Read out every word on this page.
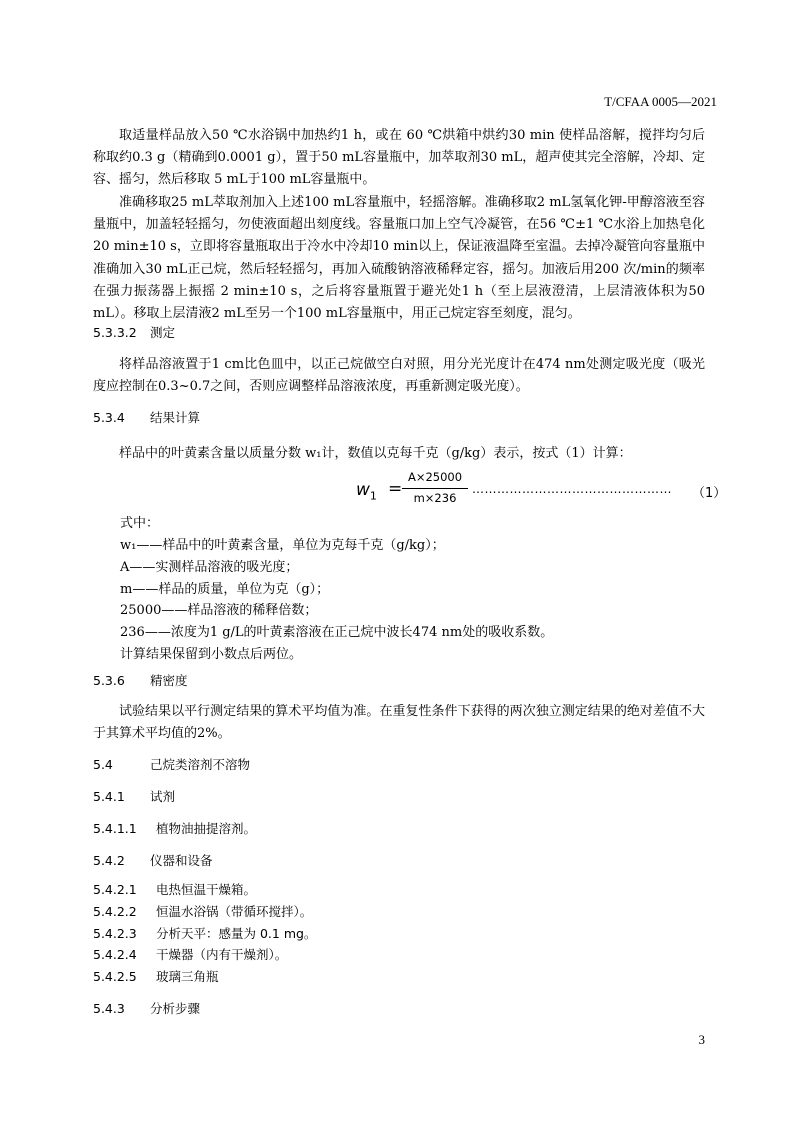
T/CFAA 0005—2021
取适量样品放入50 ℃水浴锅中加热约1 h，或在 60 ℃烘箱中烘约30 min 使样品溶解，搅拌均匀后称取约0.3 g（精确到0.0001 g），置于50 mL容量瓶中，加萃取剂30 mL，超声使其完全溶解，冷却、定容、摇匀，然后移取 5 mL于100 mL容量瓶中。
准确移取25 mL萃取剂加入上述100 mL容量瓶中，轻摇溶解。准确移取2 mL氢氧化钾-甲醇溶液至容量瓶中，加盖轻轻摇匀，勿使液面超出刻度线。容量瓶口加上空气冷凝管，在56 ℃±1 ℃水浴上加热皂化20 min±10 s，立即将容量瓶取出于冷水中冷却10 min以上，保证液温降至室温。去掉冷凝管向容量瓶中准确加入30 mL正己烷，然后轻轻摇匀，再加入硫酸钠溶液稀释定容，摇匀。加液后用200 次/min的频率在强力振荡器上振摇 2 min±10 s，之后将容量瓶置于避光处1 h（至上层液澄清，上层清液体积为50 mL）。移取上层清液2 mL至另一个100 mL容量瓶中，用正己烷定容至刻度，混匀。
5.3.3.2 测定
将样品溶液置于1 cm比色皿中，以正己烷做空白对照，用分光光度计在474 nm处测定吸光度（吸光度应控制在0.3~0.7之间，否则应调整样品溶液浓度，再重新测定吸光度）。
5.3.4 结果计算
样品中的叶黄素含量以质量分数 w₁计，数值以克每千克（g/kg）表示，按式（1）计算：
$w_1$ =
A×25000
m×236
………………………………………… （1）
式中：
w₁——样品中的叶黄素含量，单位为克每千克（g/kg）；
A——实测样品溶液的吸光度；
m——样品的质量，单位为克（g）；
25000——样品溶液的稀释倍数；
236——浓度为1 g/L的叶黄素溶液在正己烷中波长474 nm处的吸收系数。
计算结果保留到小数点后两位。
5.3.6 精密度
试验结果以平行测定结果的算术平均值为准。在重复性条件下获得的两次独立测定结果的绝对差值不大于其算术平均值的2%。
5.4	己烷类溶剂不溶物
5.4.1 试剂
5.4.1.1 植物油抽提溶剂。
5.4.2 仪器和设备
5.4.2.1 电热恒温干燥箱。
5.4.2.2 恒温水浴锅（带循环搅拌）。
5.4.2.3 分析天平：感量为 0.1 mg。
5.4.2.4 干燥器（内有干燥剂）。
5.4.2.5 玻璃三角瓶
5.4.3 分析步骤
3
